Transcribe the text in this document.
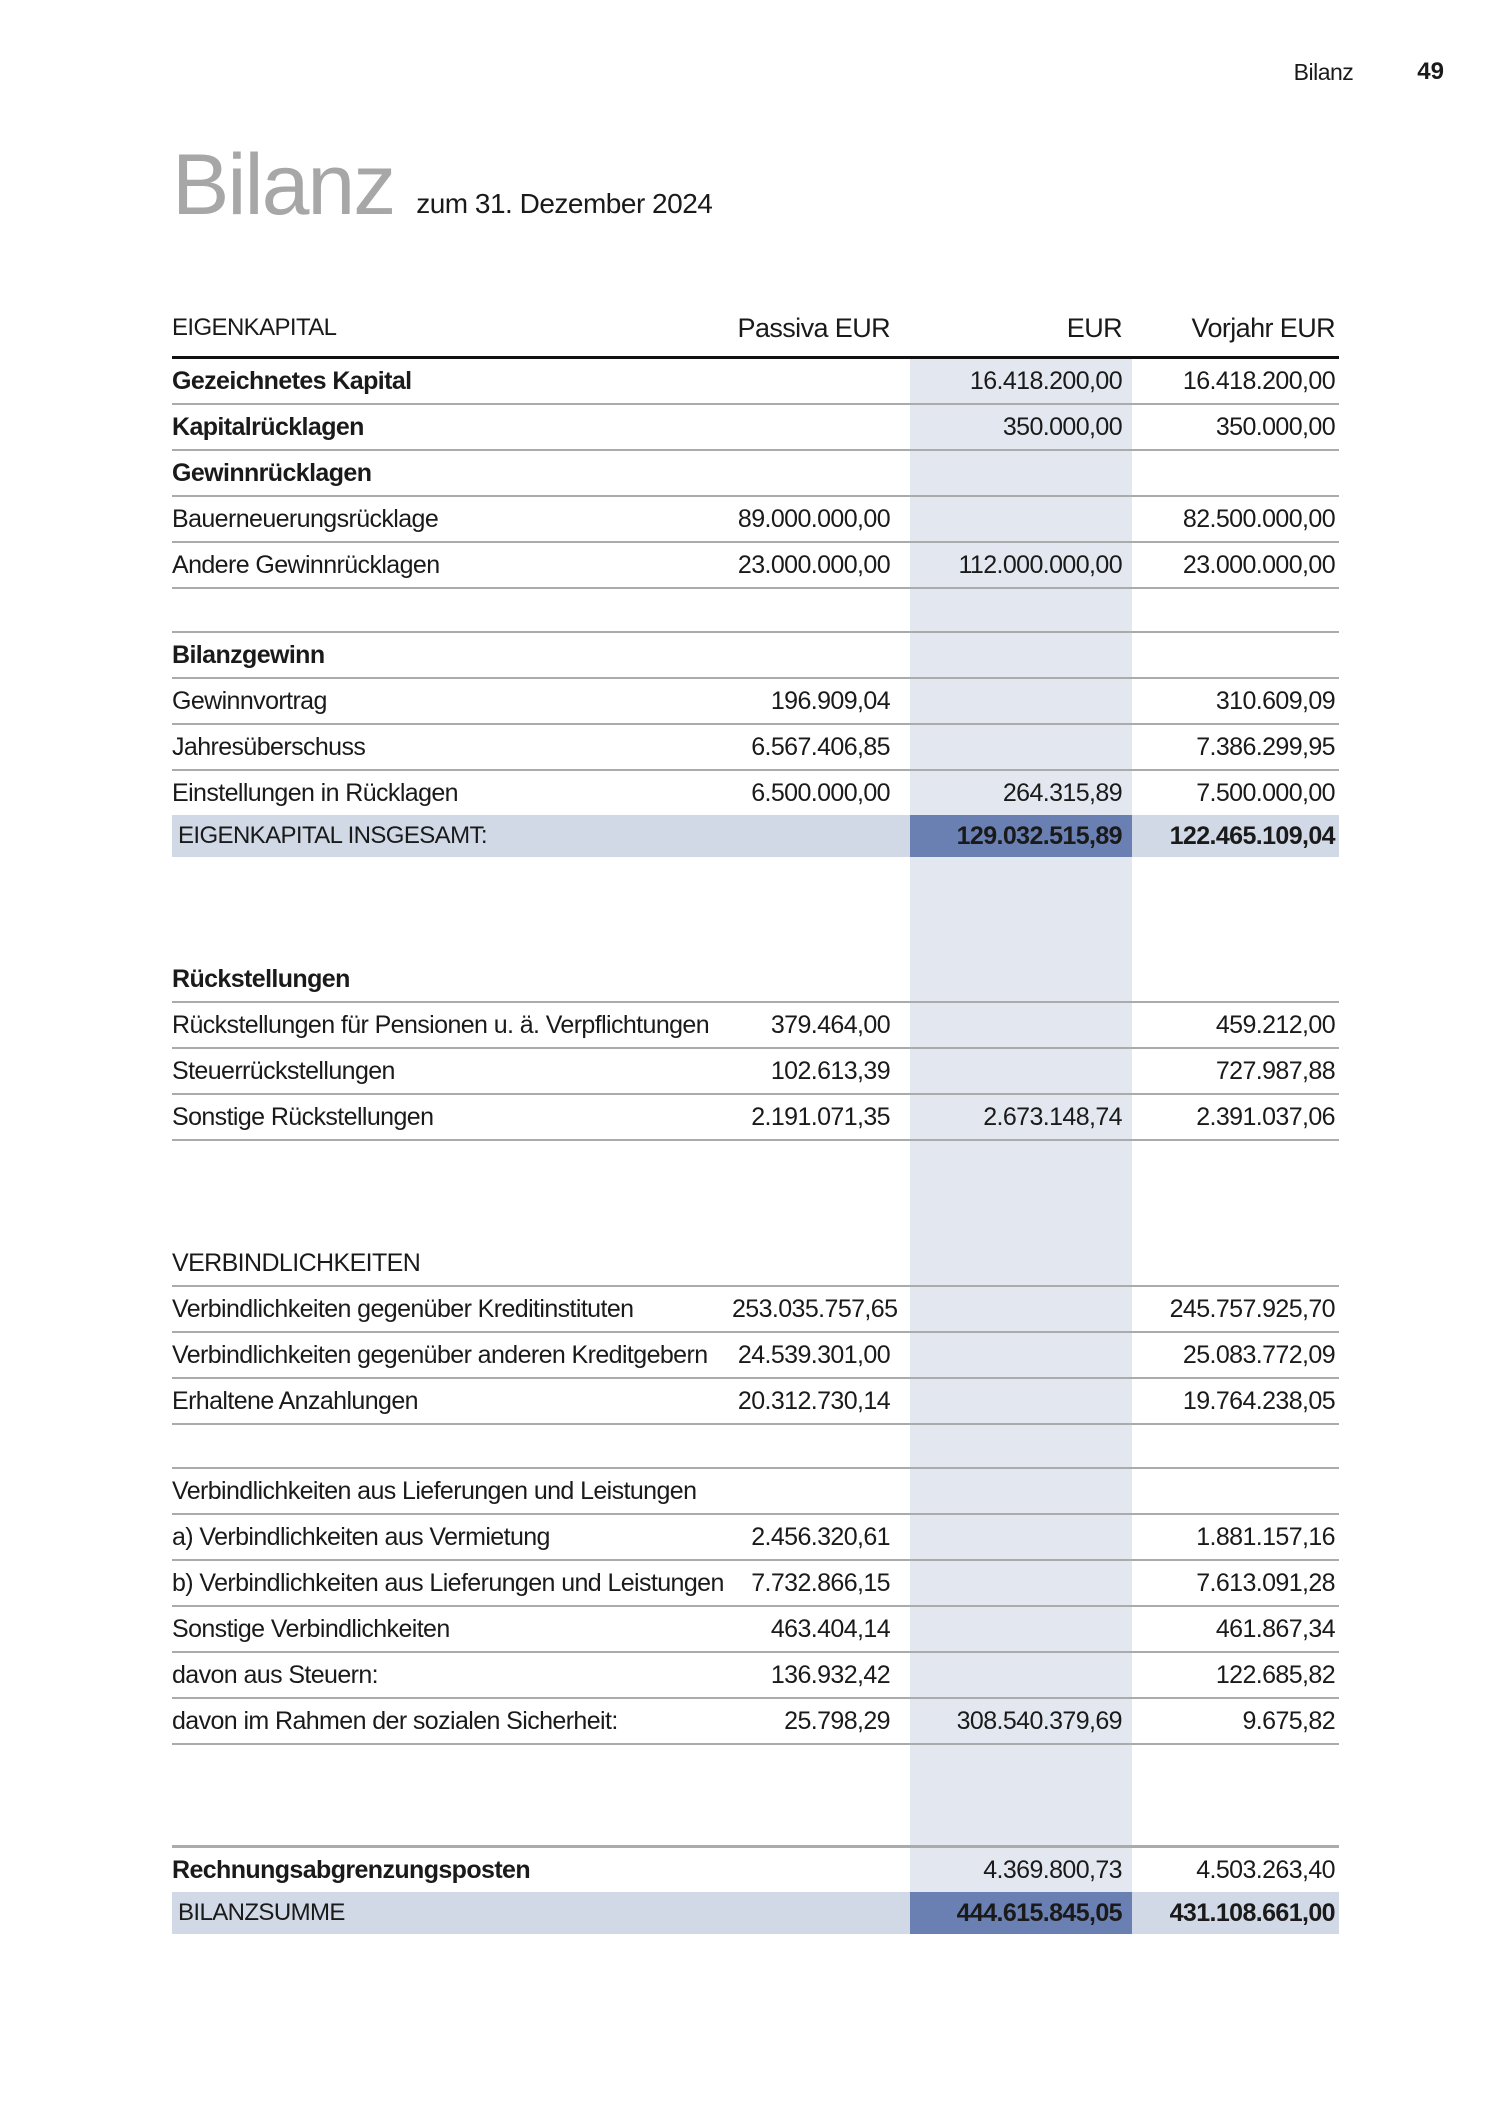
Bilanz	49
Bilanz zum 31. Dezember 2024
EIGENKAPITAL	Passiva EUR		EUR	Vorjahr EUR
Gezeichnetes Kapital			16.418.200,00	16.418.200,00
Kapitalrücklagen			350.000,00	350.000,00
Gewinnrücklagen				
Bauerneuerungsrücklage	89.000.000,00			82.500.000,00
Andere Gewinnrücklagen	23.000.000,00		112.000.000,00	23.000.000,00

Bilanzgewinn				
Gewinnvortrag	196.909,04			310.609,09
Jahresüberschuss	6.567.406,85			7.386.299,95
Einstellungen in Rücklagen	6.500.000,00		264.315,89	7.500.000,00
EIGENKAPITAL INSGESAMT:			129.032.515,89	122.465.109,04

Rückstellungen				
Rückstellungen für Pensionen u. ä. Verpflichtungen	379.464,00			459.212,00
Steuerrückstellungen	102.613,39			727.987,88
Sonstige Rückstellungen	2.191.071,35		2.673.148,74	2.391.037,06

VERBINDLICHKEITEN				
Verbindlichkeiten gegenüber Kreditinstituten	253.035.757,65			245.757.925,70
Verbindlichkeiten gegenüber anderen Kreditgebern	24.539.301,00			25.083.772,09
Erhaltene Anzahlungen	20.312.730,14			19.764.238,05

Verbindlichkeiten aus Lieferungen und Leistungen				
a) Verbindlichkeiten aus Vermietung	2.456.320,61			1.881.157,16
b) Verbindlichkeiten aus Lieferungen und Leistungen	7.732.866,15			7.613.091,28
Sonstige Verbindlichkeiten	463.404,14			461.867,34
davon aus Steuern:	136.932,42			122.685,82
davon im Rahmen der sozialen Sicherheit:	25.798,29		308.540.379,69	9.675,82

Rechnungsabgrenzungsposten			4.369.800,73	4.503.263,40
BILANZSUMME			444.615.845,05	431.108.661,00
